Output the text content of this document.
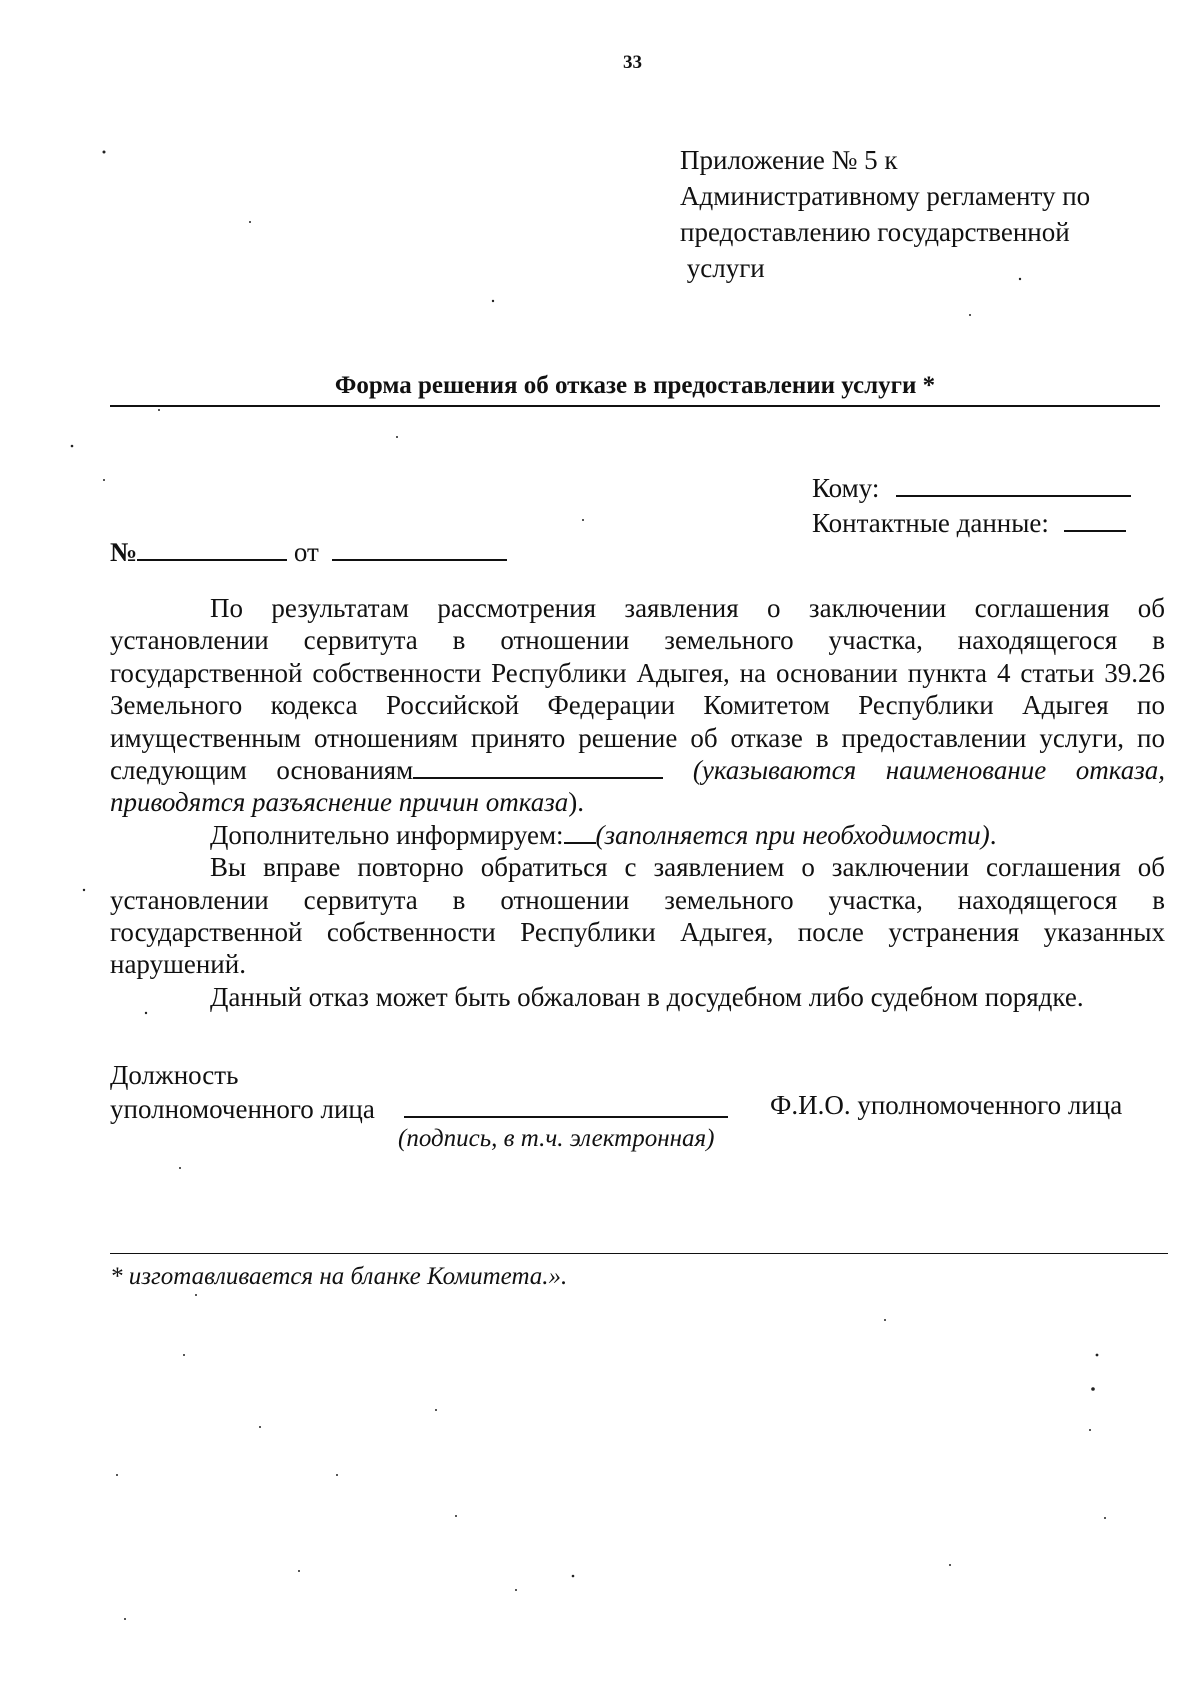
33
Приложение № 5 к
Административному регламенту по
предоставлению государственной
услуги
Форма решения об отказе в предоставлении услуги *
Кому:
Контактные данные:
№	от

По результатам рассмотрения заявления о заключении соглашения об установлении сервитута в отношении земельного участка, находящегося в государственной собственности Республики Адыгея, на основании пункта 4 статьи 39.26 Земельного кодекса Российской Федерации Комитетом Республики Адыгея по имущественным отношениям принято решение об отказе в предоставлении услуги, по следующим основаниям	(указываются наименование отказа, приводятся разъяснение причин отказа).

Дополнительно информируем: (заполняется при необходимости).

Вы вправе повторно обратиться с заявлением о заключении соглашения об установлении сервитута в отношении земельного участка, находящегося в государственной собственности Республики Адыгея, после устранения указанных нарушений.

Данный отказ может быть обжалован в досудебном либо судебном порядке.

Должность
уполномоченного лица	Ф.И.О. уполномоченного лица
(подпись, в т.ч. электронная)
* изготавливается на бланке Комитета.».
